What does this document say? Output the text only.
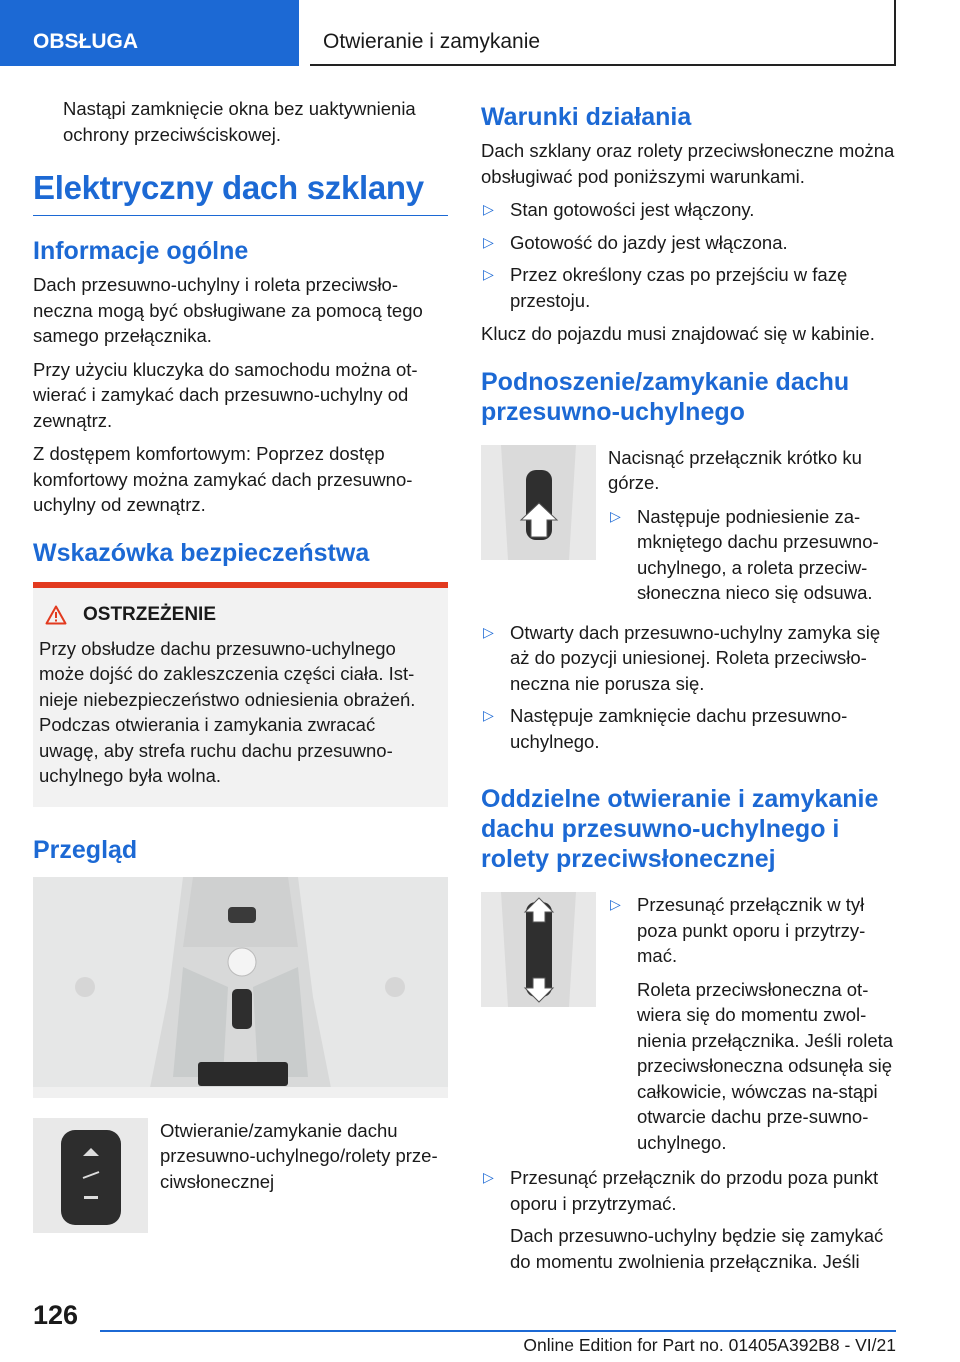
OBSŁUGA	Otwieranie i zamykanie

Nastąpi zamknięcie okna bez uaktywnienia ochrony przeciwściskowej.

Elektryczny dach szklany
Informacje ogólne

Dach przesuwno-uchylny i roleta przeciwsło-neczna mogą być obsługiwane za pomocą tego samego przełącznika.

Przy użyciu kluczyka do samochodu można ot-wierać i zamykać dach przesuwno-uchylny od zewnątrz.

Z dostępem komfortowym: Poprzez dostęp komfortowy można zamykać dach przesuwno-uchylny od zewnątrz.

Wskazówka bezpieczeństwa
OSTRZEŻENIE

Przy obsłudze dachu przesuwno-uchylnego może dojść do zakleszczenia części ciała. Ist-nieje niebezpieczeństwo odniesienia obrażeń. Podczas otwierania i zamykania zwracać uwagę, aby strefa ruchu dachu przesuwno-uchylnego była wolna.

Przegląd

Otwieranie/zamykanie dachu przesuwno-uchylnego/rolety prze-ciwsłonecznej

Warunki działania

Dach szklany oraz rolety przeciwsłoneczne można obsługiwać pod poniższymi warunkami.

▷ Stan gotowości jest włączony.
▷ Gotowość do jazdy jest włączona.
▷ Przez określony czas po przejściu w fazę przestoju.

Klucz do pojazdu musi znajdować się w kabinie.

Podnoszenie/zamykanie dachu przesuwno-uchylnego

Nacisnąć przełącznik krótko ku górze.

▷ Następuje podniesienie za-mkniętego dachu przesuwno-uchylnego, a roleta przeciw-słoneczna nieco się odsuwa.
▷ Otwarty dach przesuwno-uchylny zamyka się aż do pozycji uniesionej. Roleta przeciwsło-neczna nie porusza się.
▷ Następuje zamknięcie dachu przesuwno-uchylnego.
Oddzielne otwieranie i zamykanie dachu przesuwno-uchylnego i rolety przeciwsłonecznej
▷ Przesunąć przełącznik w tył poza punkt oporu i przytrzy-mać.

Roleta przeciwsłoneczna ot-wiera się do momentu zwol-nienia przełącznika. Jeśli roleta przeciwsłoneczna odsunęła się całkowicie, wówczas na-stąpi otwarcie dachu prze-suwno-uchylnego.

▷ Przesunąć przełącznik do przodu poza punkt oporu i przytrzymać.

Dach przesuwno-uchylny będzie się zamykać do momentu zwolnienia przełącznika. Jeśli

126
Online Edition for Part no. 01405A392B8 - VI/21
